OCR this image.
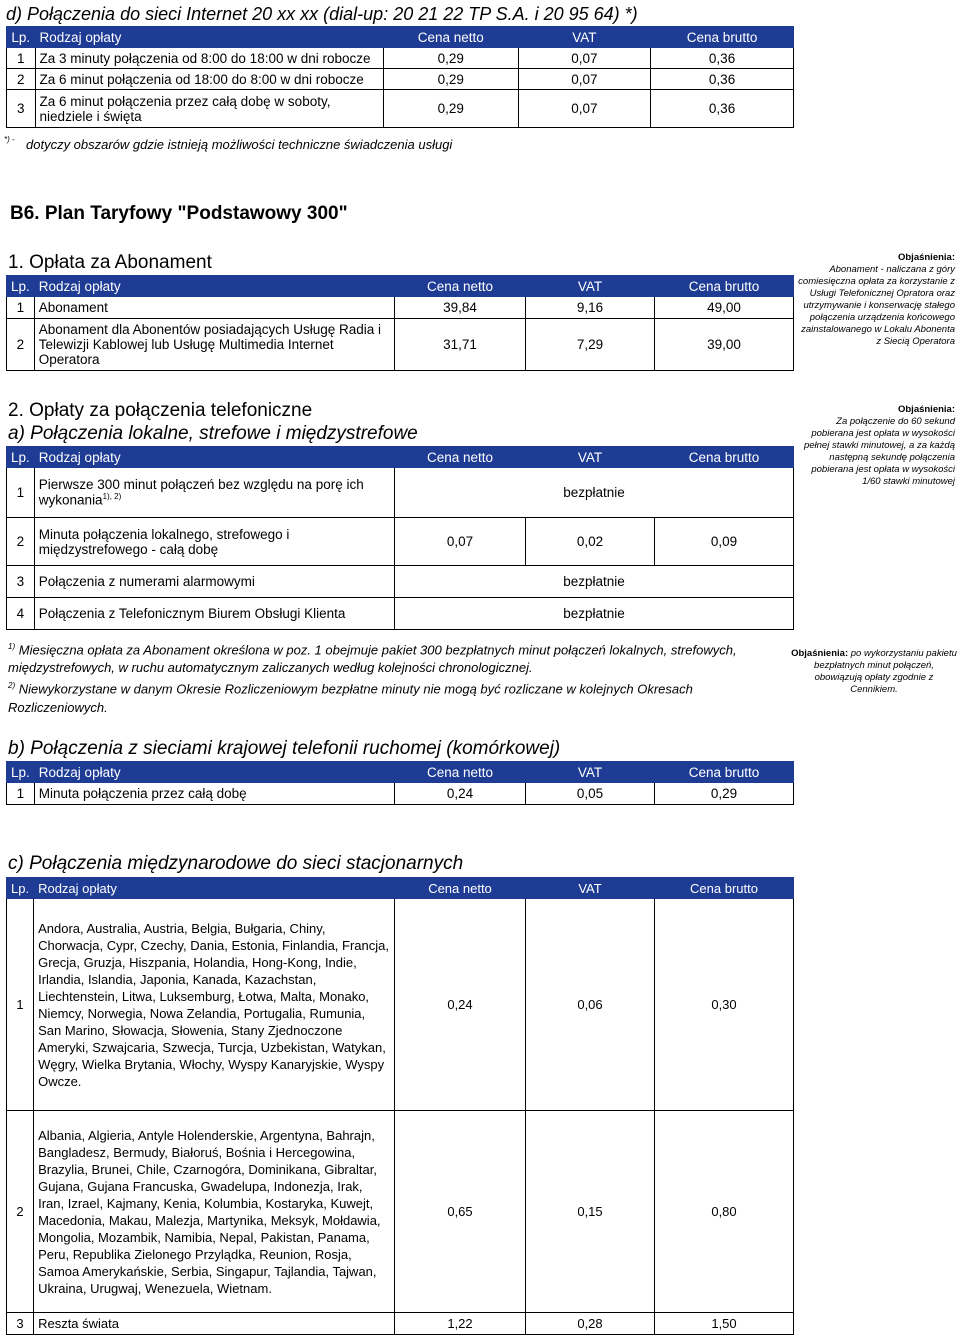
d) Połączenia do sieci Internet 20 xx xx (dial-up: 20 21 22 TP S.A. i 20 95 64) *)
Lp.	Rodzaj opłaty	Cena netto	VAT	Cena brutto
1	Za 3 minuty połączenia od 8:00 do 18:00 w dni robocze	0,29	0,07	0,36
2	Za 6 minut połączenia od 18:00 do 8:00 w dni robocze	0,29	0,07	0,36
3	Za 6 minut połączenia przez całą dobę w soboty, niedziele i święta	0,29	0,07	0,36
*) - dotyczy obszarów gdzie istnieją możliwości techniczne świadczenia usługi
B6. Plan Taryfowy "Podstawowy 300"
1. Opłata za Abonament
Lp.	Rodzaj opłaty	Cena netto	VAT	Cena brutto
1	Abonament	39,84	9,16	49,00
2	Abonament dla Abonentów posiadających Usługę Radia i Telewizji Kablowej lub Usługę Multimedia Internet Operatora	31,71	7,29	39,00
Objaśnienia:
Abonament - naliczana z góry comiesięczna opłata za korzystanie z Usługi Telefonicznej Opratora oraz utrzymywanie i konserwację stałego połączenia urządzenia końcowego zainstalowanego w Lokalu Abonenta z Siecią Operatora
2. Opłaty za połączenia telefoniczne
a) Połączenia lokalne, strefowe i międzystrefowe
Lp.	Rodzaj opłaty	Cena netto	VAT	Cena brutto
1	Pierwsze 300 minut połączeń bez względu na porę ich wykonania$^{1), 2)}$	bezpłatnie		
2	Minuta połączenia lokalnego, strefowego i międzystrefowego - całą dobę	0,07	0,02	0,09
3	Połączenia z numerami alarmowymi	bezpłatnie		
4	Połączenia z Telefonicznym Biurem Obsługi Klienta	bezpłatnie		
Objaśnienia:
Za połączenie do 60 sekund pobierana jest opłata w wysokości pełnej stawki minutowej, a za każdą następną sekundę połączenia pobierana jest opłata w wysokości 1/60 stawki minutowej
$^{1)}$ Miesięczna opłata za Abonament określona w poz. 1 obejmuje pakiet 300 bezpłatnych minut połączeń lokalnych, strefowych, międzystrefowych, w ruchu automatycznym zaliczanych według kolejności chronologicznej.
$^{2)}$ Niewykorzystane w danym Okresie Rozliczeniowym bezpłatne minuty nie mogą być rozliczane w kolejnych Okresach Rozliczeniowych.
Objaśnienia: po wykorzystaniu pakietu bezpłatnych minut połączeń, obowiązują opłaty zgodnie z Cennikiem.
b) Połączenia z sieciami krajowej telefonii ruchomej (komórkowej)
Lp.	Rodzaj opłaty	Cena netto	VAT	Cena brutto
1	Minuta połączenia przez całą dobę	0,24	0,05	0,29
c) Połączenia międzynarodowe do sieci stacjonarnych
Lp.	Rodzaj opłaty	Cena netto	VAT	Cena brutto
1	Andora, Australia, Austria, Belgia, Bułgaria, Chiny, Chorwacja, Cypr, Czechy, Dania, Estonia, Finlandia, Francja, Grecja, Gruzja, Hiszpania, Holandia, Hong-Kong, Indie, Irlandia, Islandia, Japonia, Kanada, Kazachstan, Liechtenstein, Litwa, Luksemburg, Łotwa, Malta, Monako, Niemcy, Norwegia, Nowa Zelandia, Portugalia, Rumunia, San Marino, Słowacja, Słowenia, Stany Zjednoczone Ameryki, Szwajcaria, Szwecja, Turcja, Uzbekistan, Watykan, Węgry, Wielka Brytania, Włochy, Wyspy Kanaryjskie, Wyspy Owcze.	0,24	0,06	0,30
2	Albania, Algieria, Antyle Holenderskie, Argentyna, Bahrajn, Bangladesz, Bermudy, Białoruś, Bośnia i Hercegowina, Brazylia, Brunei, Chile, Czarnogóra, Dominikana, Gibraltar, Gujana, Gujana Francuska, Gwadelupa, Indonezja, Irak, Iran, Izrael, Kajmany, Kenia, Kolumbia, Kostaryka, Kuwejt, Macedonia, Makau, Malezja, Martynika, Meksyk, Mołdawia, Mongolia, Mozambik, Namibia, Nepal, Pakistan, Panama, Peru, Republika Zielonego Przylądka, Reunion, Rosja, Samoa Amerykańskie, Serbia, Singapur, Tajlandia, Tajwan, Ukraina, Urugwaj, Wenezuela, Wietnam.	0,65	0,15	0,80
3	Reszta świata	1,22	0,28	1,50
